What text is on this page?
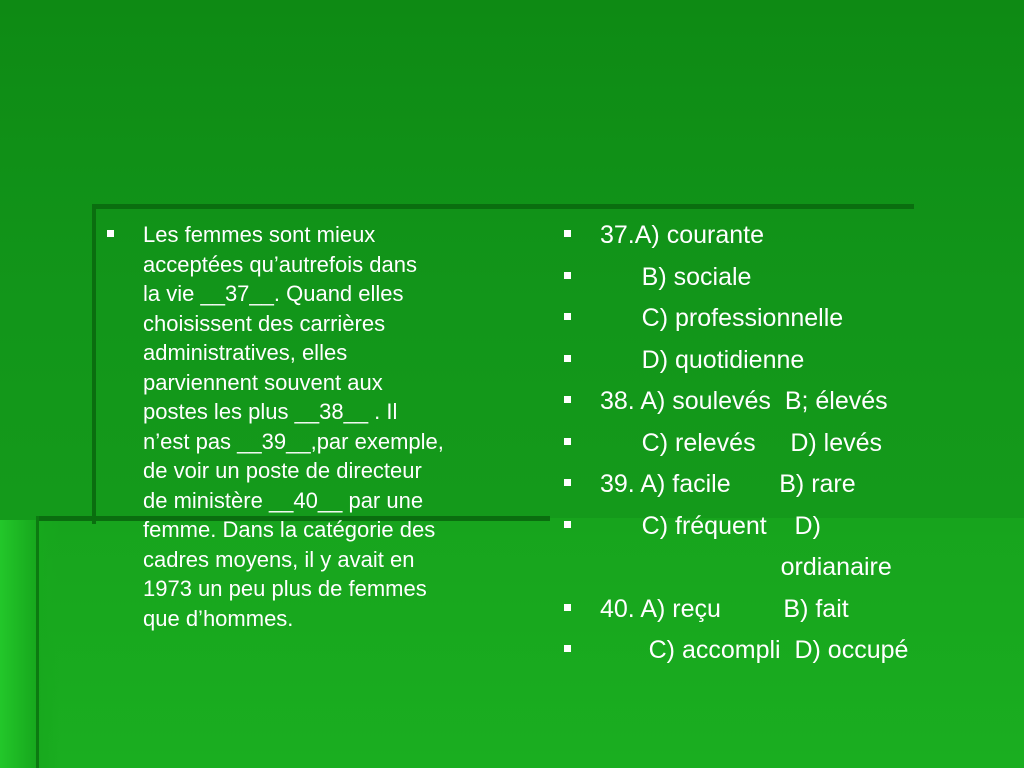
Les femmes sont mieux
acceptées qu’autrefois dans
la vie __37__. Quand elles
choisissent des carrières
administratives, elles
parviennent souvent aux
postes les plus __38__ . Il
n’est pas __39__,par exemple,
de voir un poste de directeur
de ministère __40__ par une
femme. Dans la catégorie des
cadres moyens, il y avait en
1973 un peu plus de femmes
que d’hommes.

37.A) courante
B) sociale
C) professionnelle
D) quotidienne
38. A) soulevés  B; élevés
C) relevés     D) levés
39. A) facile       B) rare
C) fréquent    D)
ordianaire
40. A) reçu         B) fait
C) accompli  D) occupé
